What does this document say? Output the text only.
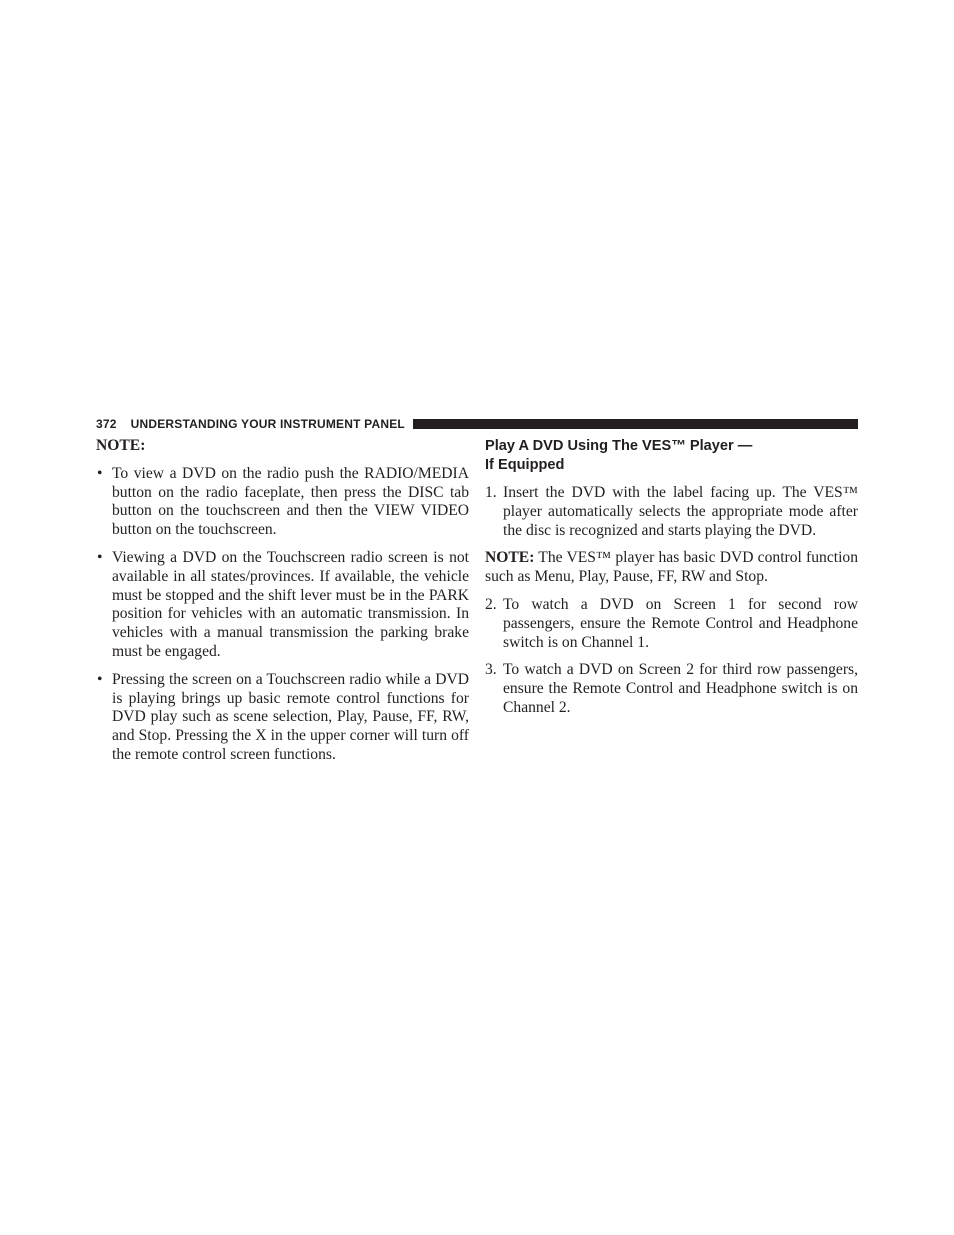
372 UNDERSTANDING YOUR INSTRUMENT PANEL
NOTE:
• To view a DVD on the radio push the RADIO/MEDIA button on the radio faceplate, then press the DISC tab button on the touchscreen and then the VIEW VIDEO button on the touchscreen.
• Viewing a DVD on the Touchscreen radio screen is not available in all states/provinces. If available, the vehicle must be stopped and the shift lever must be in the PARK position for vehicles with an automatic transmission. In vehicles with a manual transmission the parking brake must be engaged.
• Pressing the screen on a Touchscreen radio while a DVD is playing brings up basic remote control functions for DVD play such as scene selection, Play, Pause, FF, RW, and Stop. Pressing the X in the upper corner will turn off the remote control screen functions.
Play A DVD Using The VES™ Player —
If Equipped
1. Insert the DVD with the label facing up. The VES™ player automatically selects the appropriate mode after the disc is recognized and starts playing the DVD.

NOTE: The VES™ player has basic DVD control function such as Menu, Play, Pause, FF, RW and Stop.

2. To watch a DVD on Screen 1 for second row passengers, ensure the Remote Control and Headphone switch is on Channel 1.
3. To watch a DVD on Screen 2 for third row passengers, ensure the Remote Control and Headphone switch is on Channel 2.
